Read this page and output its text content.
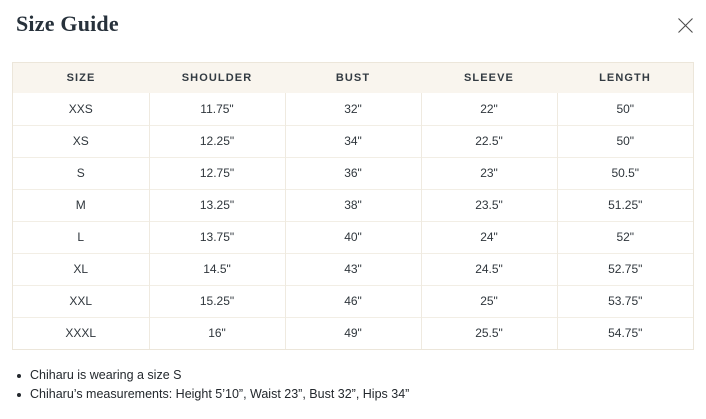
Size Guide
SIZE	SHOULDER	BUST	SLEEVE	LENGTH
XXS	11.75"	32"	22"	50"
XS	12.25"	34"	22.5"	50"
S	12.75"	36"	23"	50.5"
M	13.25"	38"	23.5"	51.25"
L	13.75"	40"	24"	52"
XL	14.5"	43"	24.5"	52.75"
XXL	15.25"	46"	25"	53.75"
XXXL	16"	49"	25.5"	54.75"
Chiharu is wearing a size S
Chiharu’s measurements: Height 5’10”, Waist 23”, Bust 32”, Hips 34”
